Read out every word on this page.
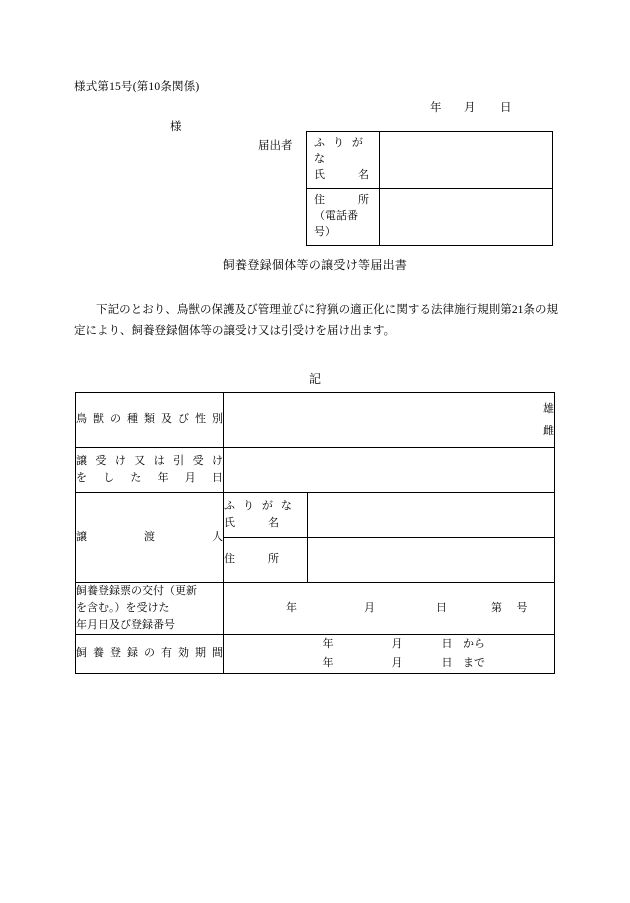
様式第15号(第10条関係)
年 月 日
様
届出者 ふ り が な
氏　　　名	

住　　　所
（電話番号）	

飼養登録個体等の譲受け等届出書
下記のとおり、鳥獣の保護及び管理並びに狩猟の適正化に関する法律施行規則第21条の規定により、飼養登録個体等の譲受け又は引受けを届け出ます。
記
鳥獣の種類及び性別	雄
雌	

譲受け又は引受け
を　し　た　年　月　日		

譲　　　渡　　　人	ふ り が な
氏　　　名	

	住　　　所	

飼養登録票の交付（更新
を含む。）を受けた
年月日及び登録番号	年 月 日 第 号	

飼養登録の有効期間	年 月 日 から
年 月 日 まで	
